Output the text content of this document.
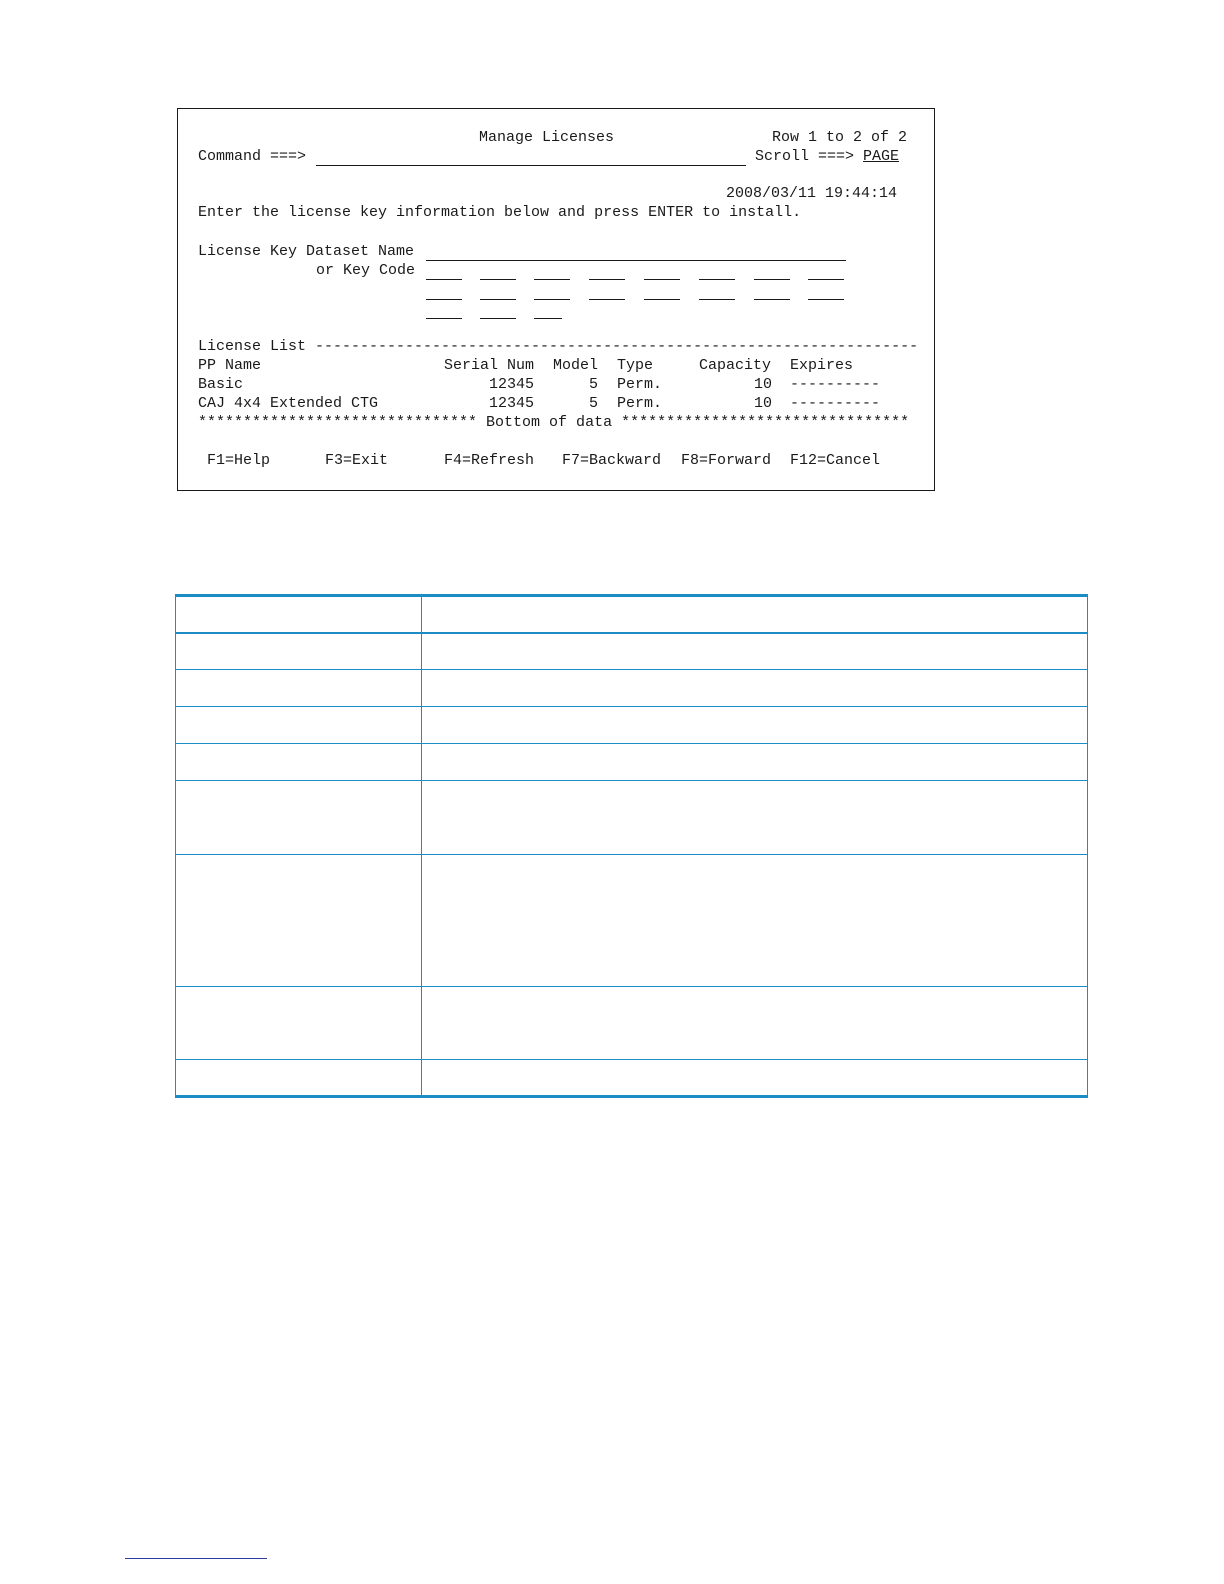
Manage Licenses	Row 1 to 2 of 2
Command ===>	Scroll ===> PAGE
2008/03/11 19:44:14
Enter the license key information below and press ENTER to install.
License Key Dataset Name
or Key Code
License List -------------------------------------------------------------------
PP Name	Serial Num Model Type	Capacity Expires
Basic	12345	5 Perm.	10 ----------
CAJ 4x4 Extended CTG	12345	5 Perm.	10 ----------
******************************* Bottom of data ********************************
F1=Help	F3=Exit	F4=Refresh F7=Backward F8=Forward F12=Cancel
